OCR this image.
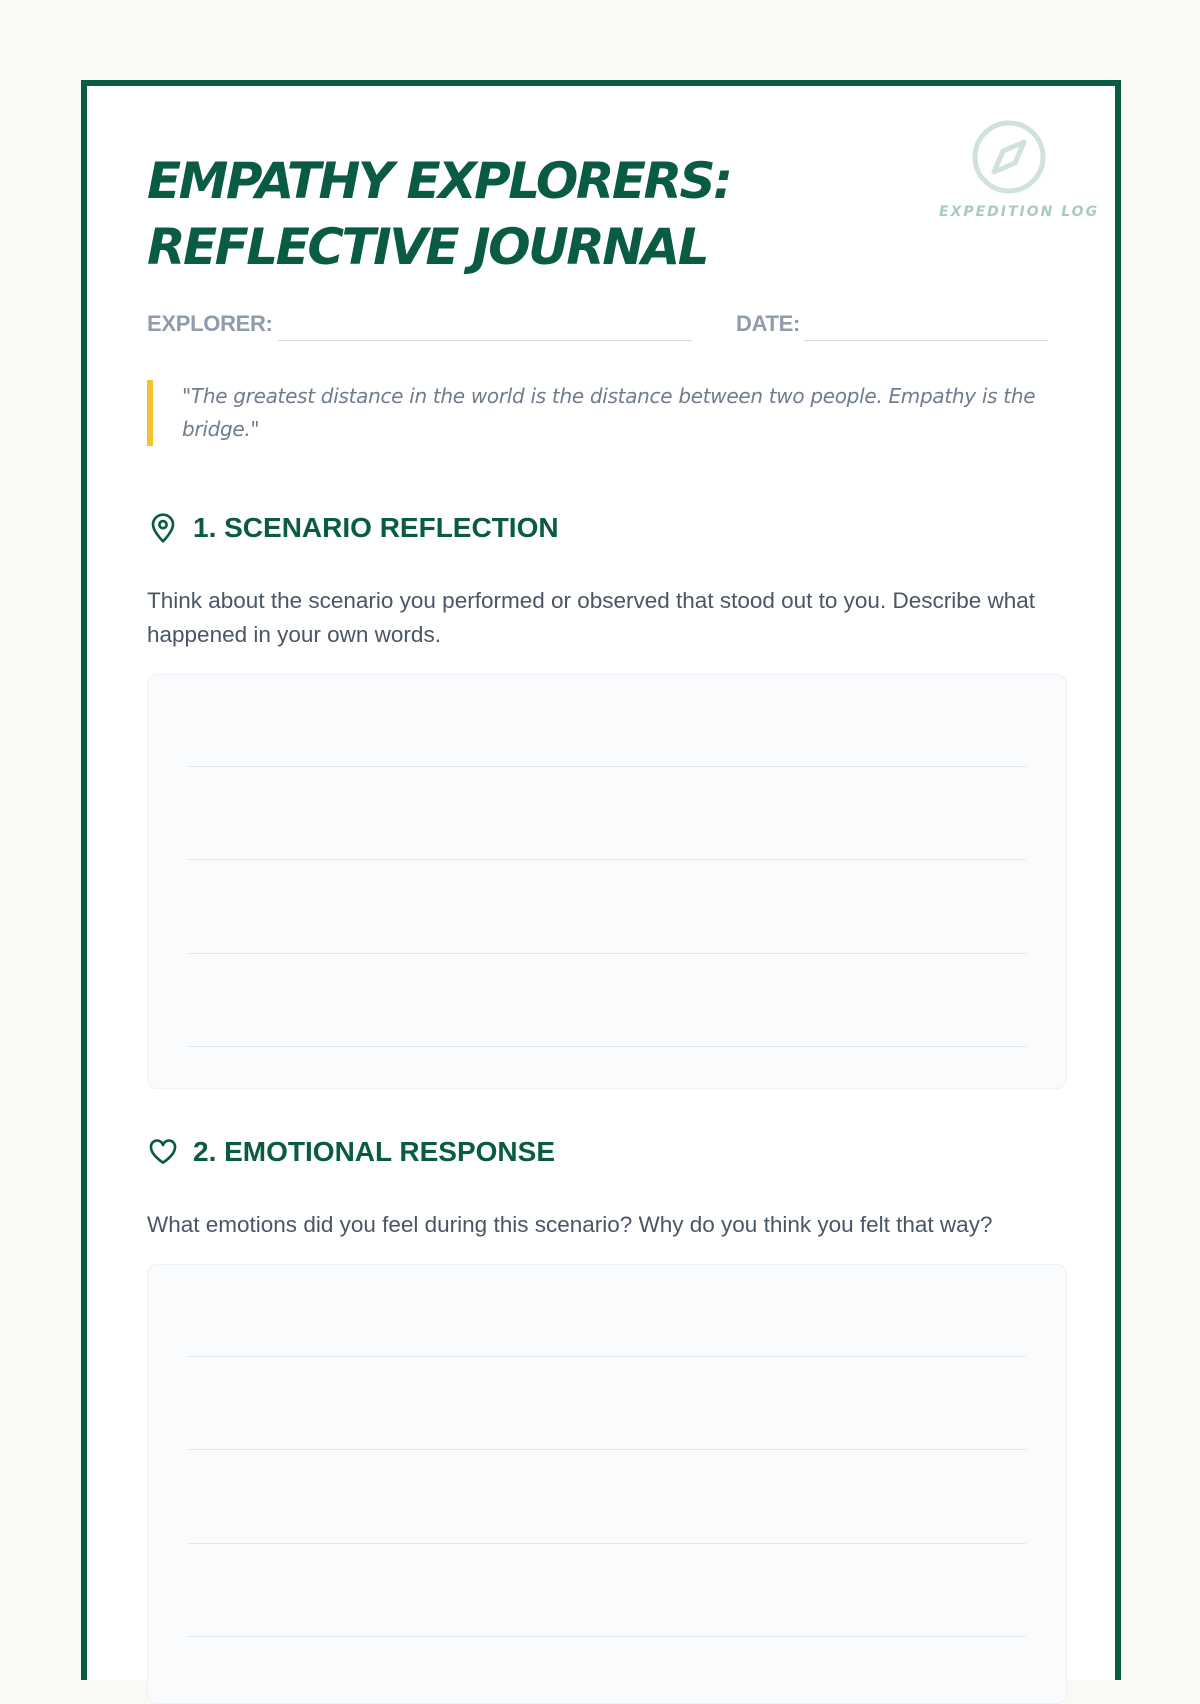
EMPATHY EXPLORERS:
REFLECTIVE JOURNAL
EXPEDITION LOG
EXPLORER:	DATE:
"The greatest distance in the world is the distance between two people. Empathy is the bridge."
1. SCENARIO REFLECTION
Think about the scenario you performed or observed that stood out to you. Describe what happened in your own words.
2. EMOTIONAL RESPONSE
What emotions did you feel during this scenario? Why do you think you felt that way?
